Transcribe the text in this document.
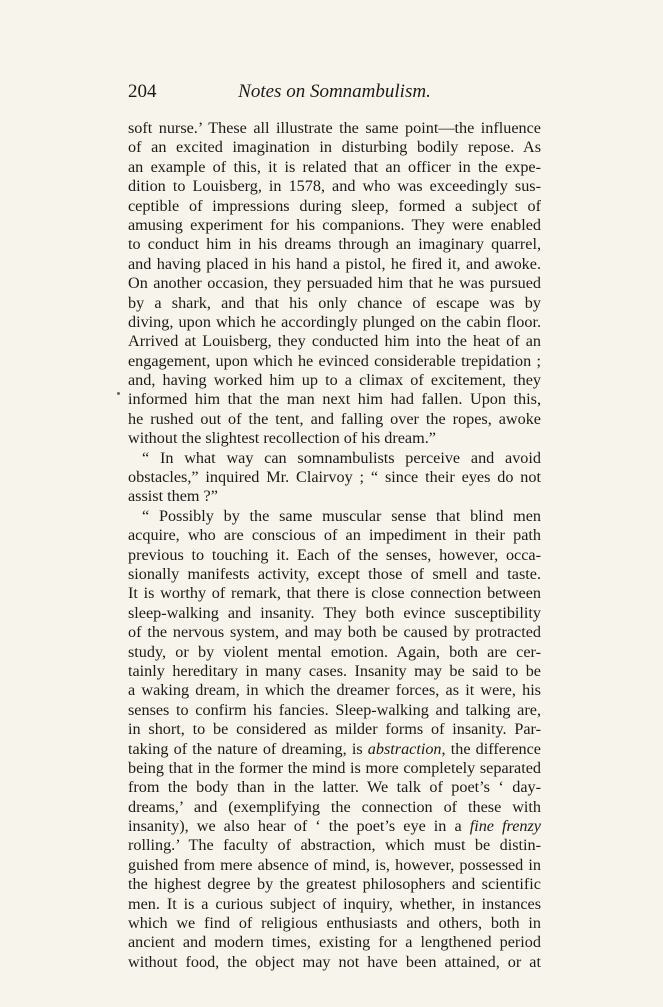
204	Notes on Somnambulism.
soft nurse.’ These all illustrate the same point—the influence
of an excited imagination in disturbing bodily repose. As
an example of this, it is related that an officer in the expe-
dition to Louisberg, in 1578, and who was exceedingly sus-
ceptible of impressions during sleep, formed a subject of
amusing experiment for his companions. They were enabled
to conduct him in his dreams through an imaginary quarrel,
and having placed in his hand a pistol, he fired it, and awoke.
On another occasion, they persuaded him that he was pursued
by a shark, and that his only chance of escape was by
diving, upon which he accordingly plunged on the cabin floor.
Arrived at Louisberg, they conducted him into the heat of an
engagement, upon which he evinced considerable trepidation ;
and, having worked him up to a climax of excitement, they
informed him that the man next him had fallen. Upon this,
he rushed out of the tent, and falling over the ropes, awoke
without the slightest recollection of his dream.”
“ In what way can somnambulists perceive and avoid
obstacles,” inquired Mr. Clairvoy ; “ since their eyes do not
assist them ?”
“ Possibly by the same muscular sense that blind men
acquire, who are conscious of an impediment in their path
previous to touching it. Each of the senses, however, occa-
sionally manifests activity, except those of smell and taste.
It is worthy of remark, that there is close connection between
sleep-walking and insanity. They both evince susceptibility
of the nervous system, and may both be caused by protracted
study, or by violent mental emotion. Again, both are cer-
tainly hereditary in many cases. Insanity may be said to be
a waking dream, in which the dreamer forces, as it were, his
senses to confirm his fancies. Sleep-walking and talking are,
in short, to be considered as milder forms of insanity. Par-
taking of the nature of dreaming, is abstraction, the difference
being that in the former the mind is more completely separated
from the body than in the latter. We talk of poet’s ‘ day-
dreams,’ and (exemplifying the connection of these with
insanity), we also hear of ‘ the poet’s eye in a fine frenzy
rolling.’ The faculty of abstraction, which must be distin-
guished from mere absence of mind, is, however, possessed in
the highest degree by the greatest philosophers and scientific
men. It is a curious subject of inquiry, whether, in instances
which we find of religious enthusiasts and others, both in
ancient and modern times, existing for a lengthened period
without food, the object may not have been attained, or at
